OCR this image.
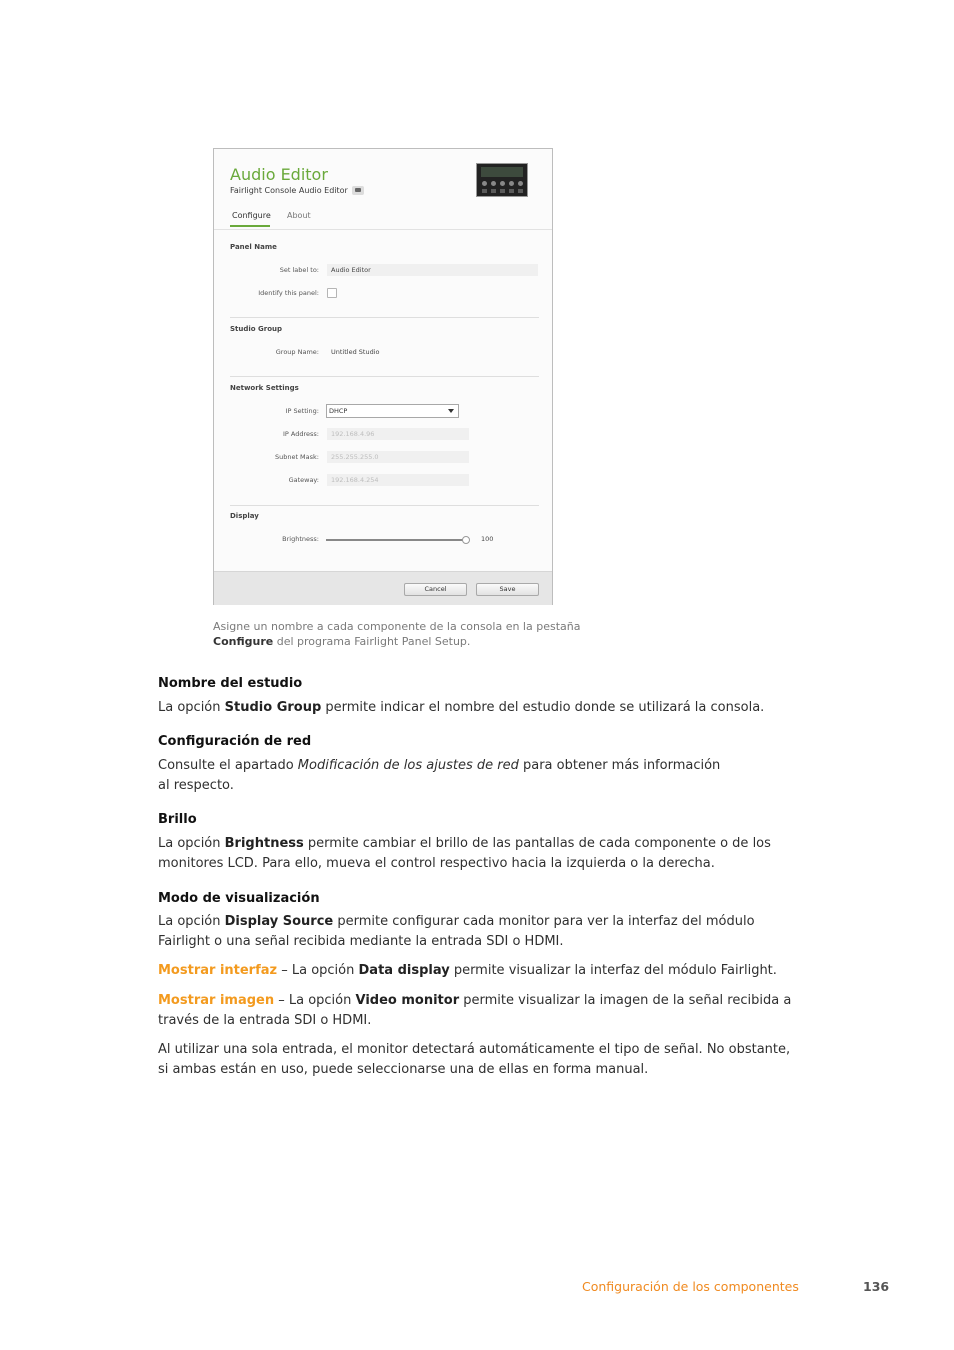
Audio Editor
Fairlight Console Audio Editor
Configure About
Panel Name
Set label to:	Audio Editor
Identify this panel:
Studio Group
Group Name: Untitled Studio
Network Settings
IP Setting:	DHCP
IP Address:	192.168.4.96
Subnet Mask:	255.255.255.0
Gateway:	192.168.4.254
Display
Brightness:	100
Cancel	Save
Asigne un nombre a cada componente de la consola en la pestaña
Configure del programa Fairlight Panel Setup.
Nombre del estudio
La opción Studio Group permite indicar el nombre del estudio donde se utilizará la consola.
Configuración de red
Consulte el apartado Modificación de los ajustes de red para obtener más información
al respecto.
Brillo
La opción Brightness permite cambiar el brillo de las pantallas de cada componente o de los
monitores LCD. Para ello, mueva el control respectivo hacia la izquierda o la derecha.
Modo de visualización
La opción Display Source permite configurar cada monitor para ver la interfaz del módulo
Fairlight o una señal recibida mediante la entrada SDI o HDMI.
Mostrar interfaz – La opción Data display permite visualizar la interfaz del módulo Fairlight.
Mostrar imagen – La opción Video monitor permite visualizar la imagen de la señal recibida a
través de la entrada SDI o HDMI.
Al utilizar una sola entrada, el monitor detectará automáticamente el tipo de señal. No obstante,
si ambas están en uso, puede seleccionarse una de ellas en forma manual.
Configuración de los componentes	136
